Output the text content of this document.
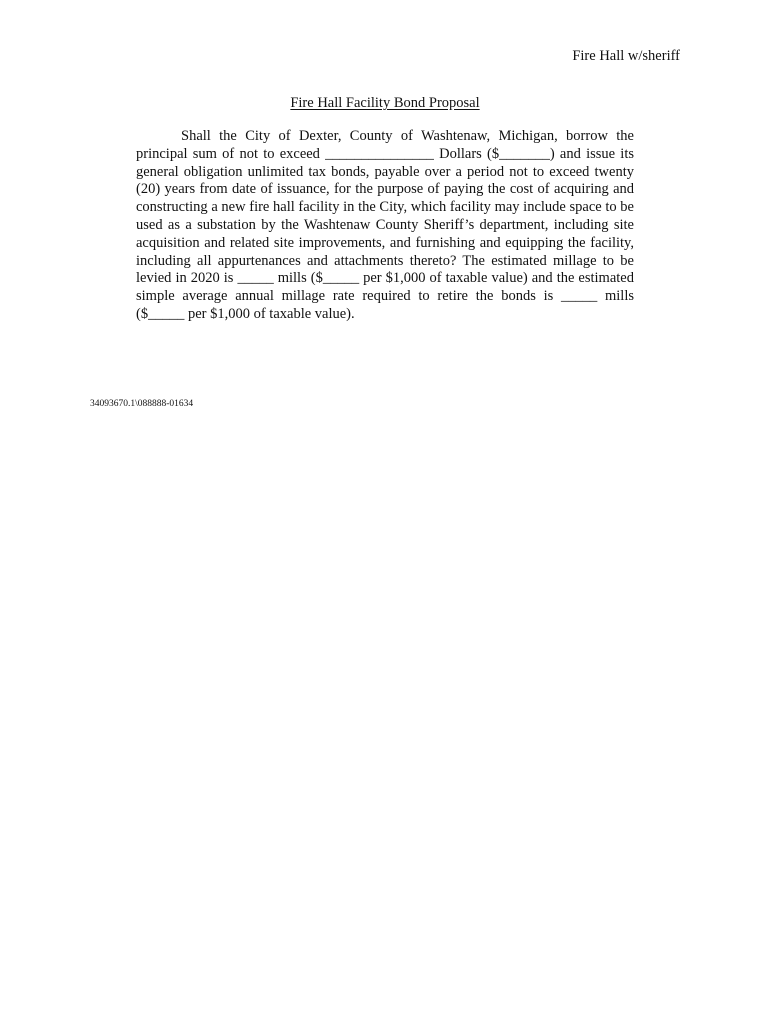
Fire Hall w/sheriff
Fire Hall Facility Bond Proposal

Shall the City of Dexter, County of Washtenaw, Michigan, borrow the principal sum of not to exceed _______________ Dollars ($_______) and issue its general obligation unlimited tax bonds, payable over a period not to exceed twenty (20) years from date of issuance, for the purpose of paying the cost of acquiring and constructing a new fire hall facility in the City, which facility may include space to be used as a substation by the Washtenaw County Sheriff’s department, including site acquisition and related site improvements, and furnishing and equipping the facility, including all appurtenances and attachments thereto? The estimated millage to be levied in 2020 is _____ mills ($_____ per $1,000 of taxable value) and the estimated simple average annual millage rate required to retire the bonds is _____ mills ($_____ per $1,000 of taxable value).

34093670.1\088888-01634
